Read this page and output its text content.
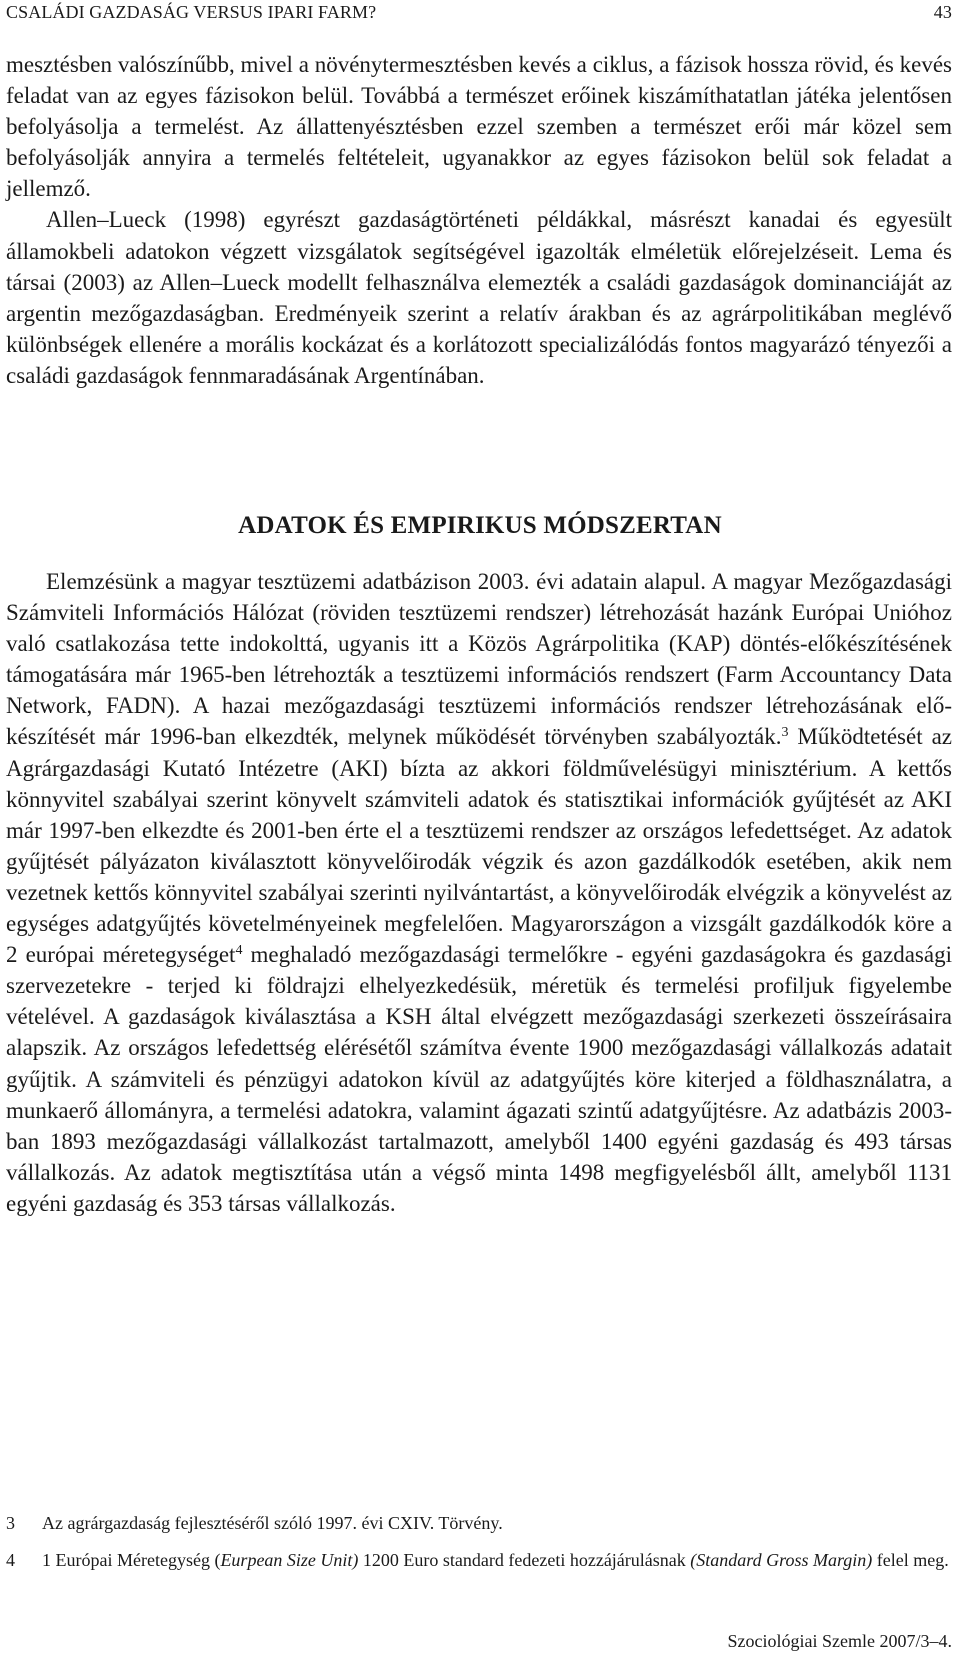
CSALÁDI GAZDASÁG VERSUS IPARI FARM?	43

mesztésben valószínűbb, mivel a növénytermesztésben kevés a ciklus, a fázisok hossza rövid, és kevés feladat van az egyes fázisokon belül. Továbbá a természet erőinek kiszámíthatatlan játéka jelentősen befolyásolja a termelést. Az állattenyésztésben ezzel szemben a természet erői már közel sem befolyásolják annyira a termelés feltételeit, ugyanakkor az egyes fázisokon belül sok feladat a jellemző.

Allen–Lueck (1998) egyrészt gazdaságtörténeti példákkal, másrészt kanadai és egyesült államokbeli adatokon végzett vizsgálatok segítségével igazolták elméletük előrejelzéseit. Lema és társai (2003) az Allen–Lueck modellt felhasználva elemezték a családi gazdaságok dominanciáját az argentin mezőgazdaságban. Eredményeik szerint a relatív árakban és az agrárpolitikában meglévő különbségek ellenére a morális kockázat és a korlátozott specializálódás fontos magyarázó tényezői a családi gazdaságok fennmaradásának Argentínában.

ADATOK ÉS EMPIRIKUS MÓDSZERTAN

Elemzésünk a magyar tesztüzemi adatbázison 2003. évi adatain alapul. A magyar Mezőgazdasági Számviteli Információs Hálózat (röviden tesztüzemi rendszer) létrehozását hazánk Európai Unióhoz való csatlakozása tette indokolttá, ugyanis itt a Közös Agrárpolitika (KAP) döntés-előkészítésének támogatására már 1965-ben létrehozták a tesztüzemi információs rendszert (Farm Accountancy Data Network, FADN). A hazai mezőgazdasági tesztüzemi információs rendszer létrehozásának előkészítését már 1996-ban elkezdték, melynek működését törvényben szabályozták.$^3$ Működtetését az Agrárgazdasági Kutató Intézetre (AKI) bízta az akkori földművelésügyi minisztérium. A kettős könnyvitel szabályai szerint könyvelt számviteli adatok és statisztikai információk gyűjtését az AKI már 1997-ben elkezdte és 2001-ben érte el a tesztüzemi rendszer az országos lefedettséget. Az adatok gyűjtését pályázaton kiválasztott könyvelőirodák végzik és azon gazdálkodók esetében, akik nem vezetnek kettős könnyvitel szabályai szerinti nyilvántartást, a könyvelőirodák elvégzik a könyvelést az egységes adatgyűjtés követelményeinek megfelelően. Magyarországon a vizsgált gazdálkodók köre a 2 európai méretegységet$^4$ meghaladó mezőgazdasági termelőkre - egyéni gazdaságokra és gazdasági szervezetekre - terjed ki földrajzi elhelyezkedésük, méretük és termelési profiljuk figyelembe vételével. A gazdaságok kiválasztása a KSH által elvégzett mezőgazdasági szerkezeti összeírásaira alapszik. Az országos lefedettség elérésétől számítva évente 1900 mezőgazdasági vállalkozás adatait gyűjtik. A számviteli és pénzügyi adatokon kívül az adatgyűjtés köre kiterjed a földhasználatra, a munkaerő állományra, a termelési adatokra, valamint ágazati szintű adatgyűjtésre. Az adatbázis 2003-ban 1893 mezőgazdasági vállalkozást tartalmazott, amelyből 1400 egyéni gazdaság és 493 társas vállalkozás. Az adatok megtisztítása után a végső minta 1498 megfigyelésből állt, amelyből 1131 egyéni gazdaság és 353 társas vállalkozás.

3	Az agrárgazdaság fejlesztéséről szóló 1997. évi CXIV. Törvény.
4	1 Európai Méretegység (Eurpean Size Unit) 1200 Euro standard fedezeti hozzájárulásnak (Standard Gross Margin) felel meg.
Szociológiai Szemle 2007/3–4.
